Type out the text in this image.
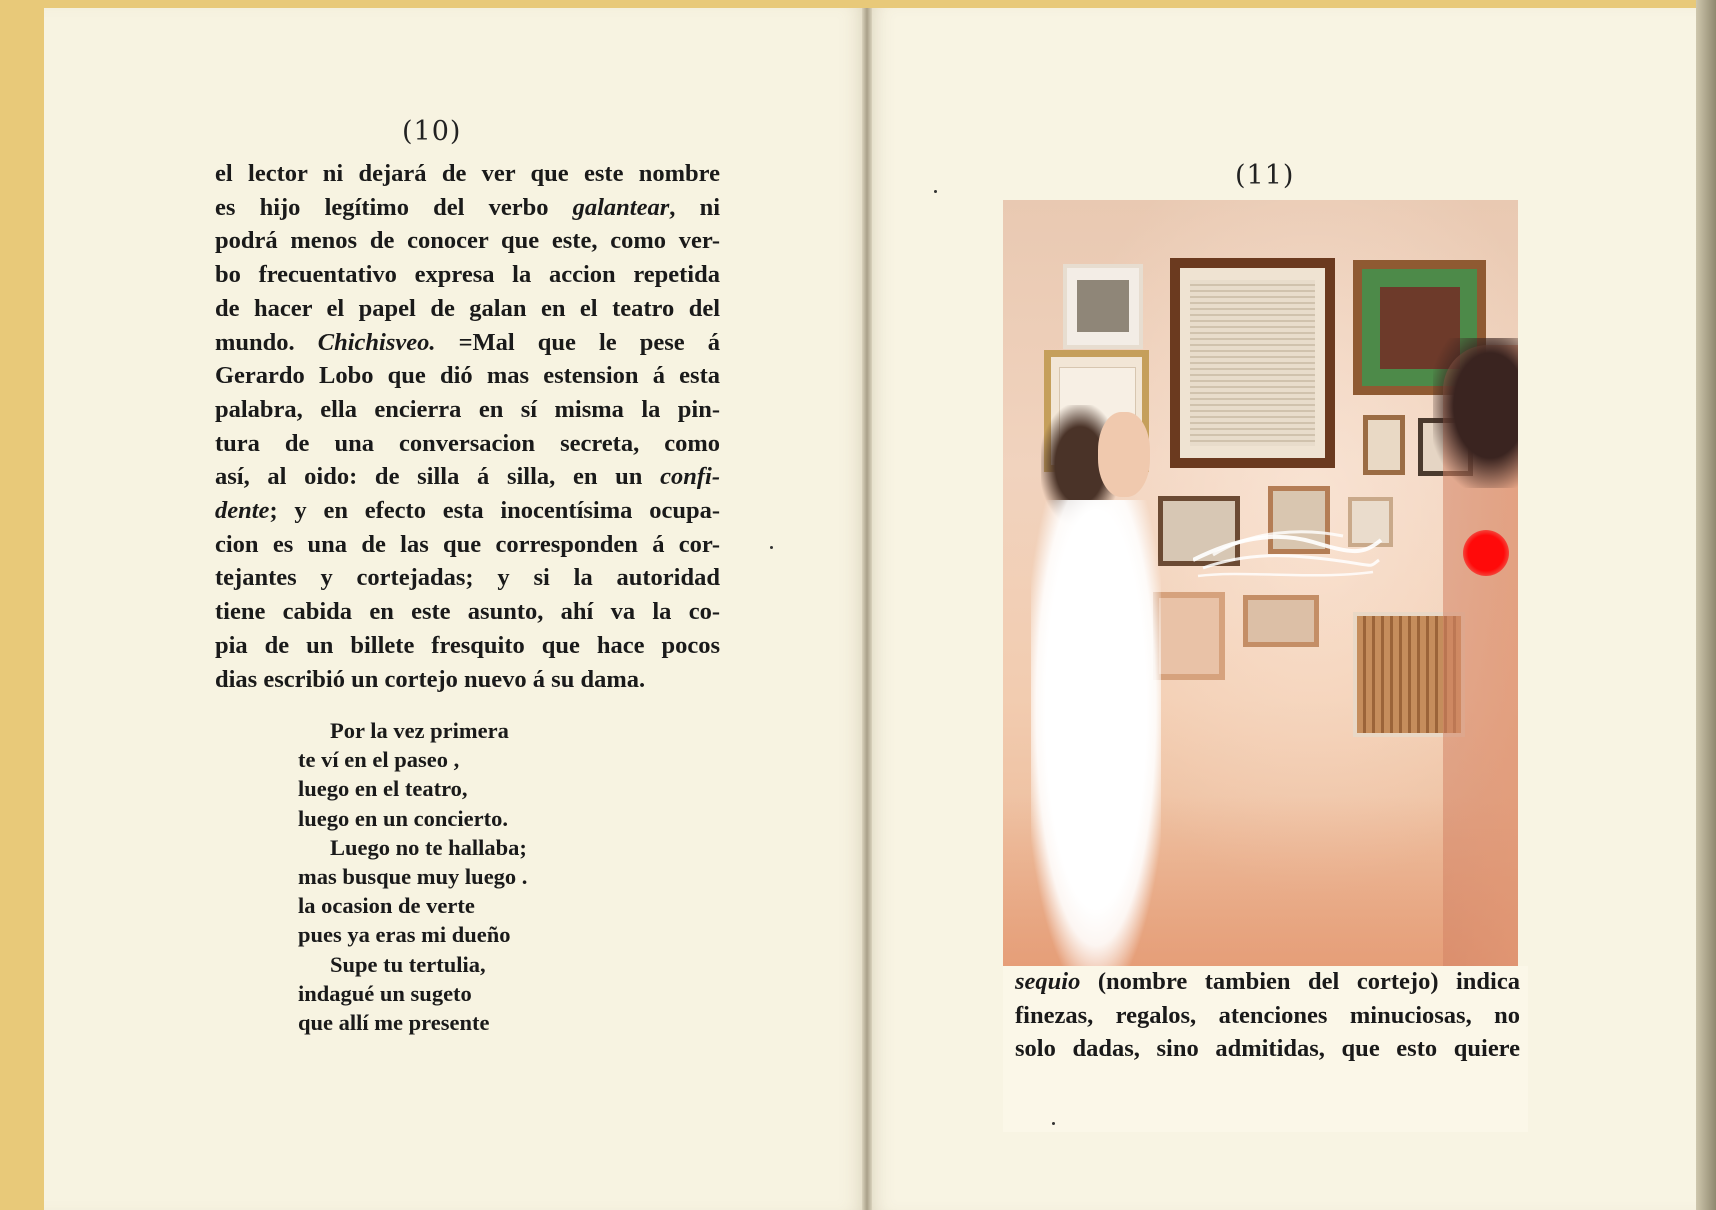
(10)
el lector ni dejará de ver que este nombre
es hijo legítimo del verbo galantear, ni
podrá menos de conocer que este, como ver-
bo frecuentativo expresa la accion repetida
de hacer el papel de galan en el teatro del
mundo. Chichisveo. =Mal que le pese á
Gerardo Lobo que dió mas estension á esta
palabra, ella encierra en sí misma la pin-
tura de una conversacion secreta, como
así, al oido: de silla á silla, en un confi-
dente; y en efecto esta inocentísima ocupa-
cion es una de las que corresponden á cor-
tejantes y cortejadas; y si la autoridad
tiene cabida en este asunto, ahí va la co-
pia de un billete fresquito que hace pocos
dias escribió un cortejo nuevo á su dama.
Por la vez primera
te ví en el paseo ,
luego en el teatro,
luego en un concierto.
Luego no te hallaba;
mas busque muy luego .
la ocasion de verte
pues ya eras mi dueño
Supe tu tertulia,
indagué un sugeto
que allí me presente
(11)
sequio (nombre tambien del cortejo) indica
finezas, regalos, atenciones minuciosas, no
solo dadas, sino admitidas, que esto quiere
